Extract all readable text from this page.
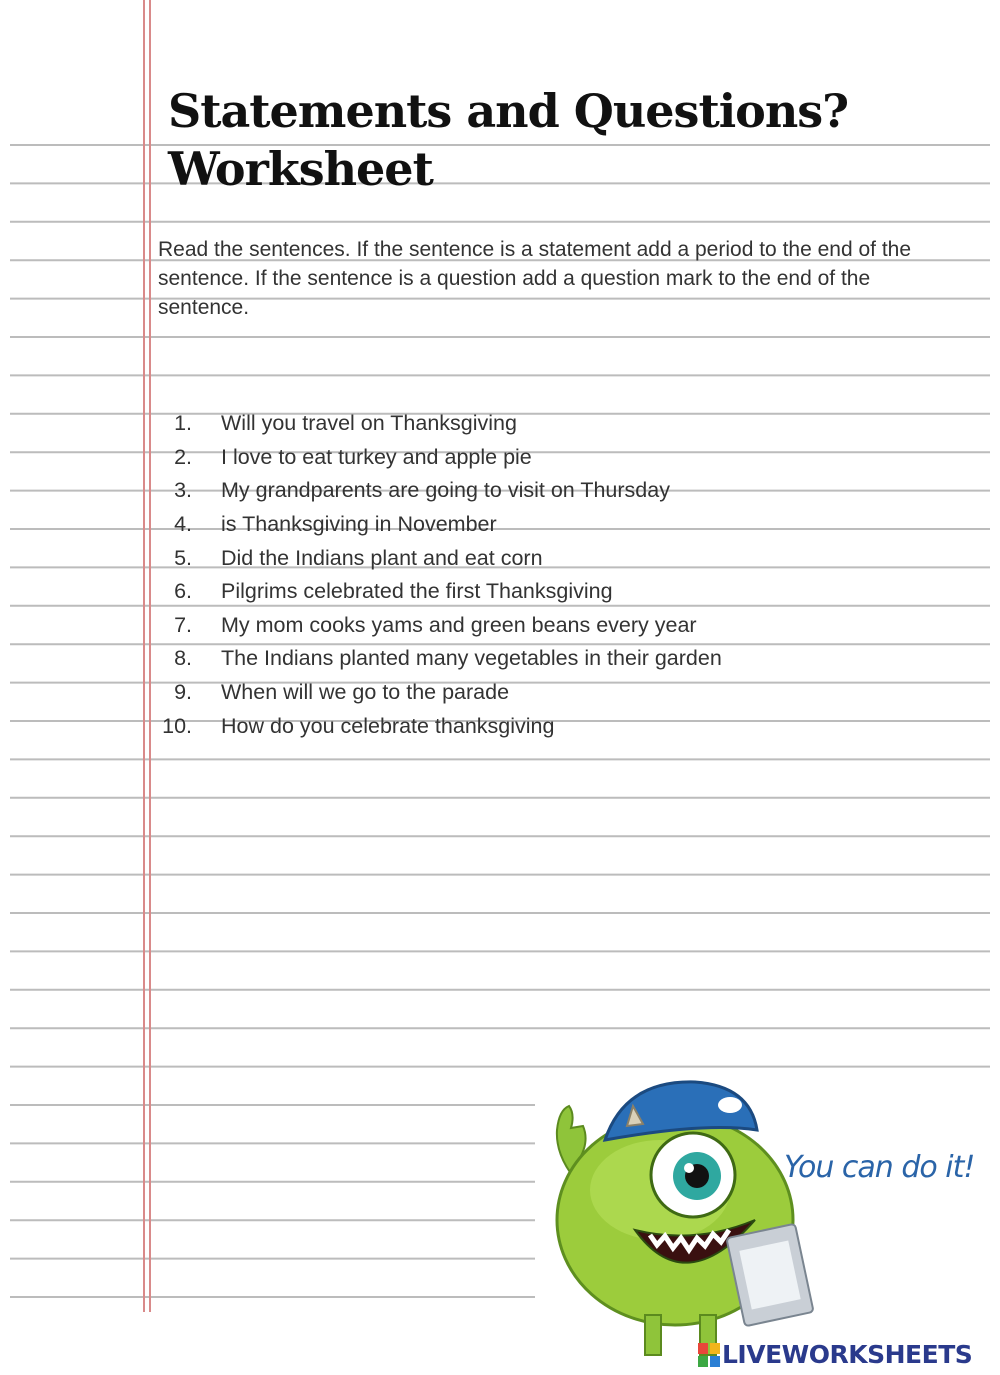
Statements and Questions?
Worksheet

Read the sentences. If the sentence is a statement add a period to the end of the sentence. If the sentence is a question add a question mark to the end of the sentence.

1. Will you travel on Thanksgiving
2. I love to eat turkey and apple pie
3. My grandparents are going to visit on Thursday
4. is Thanksgiving in November
5. Did the Indians plant and eat corn
6. Pilgrims celebrated the first Thanksgiving
7. My mom cooks yams and green beans every year
8. The Indians planted many vegetables in their garden
9. When will we go to the parade
10. How do you celebrate thanksgiving
You can do it!
LIVEWORKSHEETS
